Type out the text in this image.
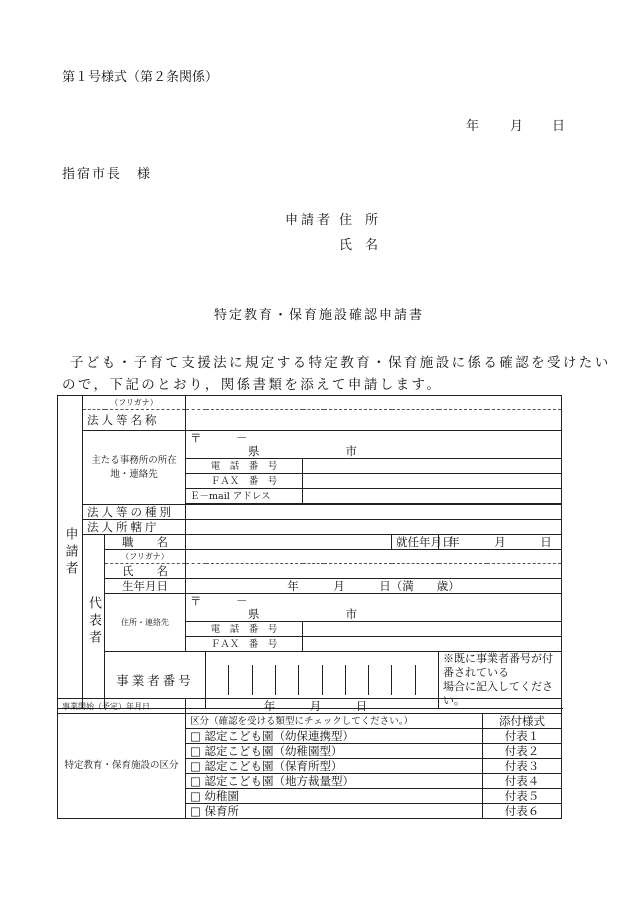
第１号様式（第２条関係）
年 月 日
指宿市長　様
申請者 住　所
氏　名
特定教育・保育施設確認申請書
子ども・子育て支援法に規定する特定教育・保育施設に係る確認を受けたい
ので，下記のとおり，関係書類を添えて申請します。
申請者	（フリガナ）						
	法人等名称						
	主たる事務所の所在地・連絡先		〒　　　－
県 市				

			電　話　番　号				
			ＦＡＸ　番　号				
			Ｅ－mail アドレス				

	法人等の種別						
	法人所轄庁						
	代表者	職　　名				就任年月日	年　　　月　　　日
		（フリガナ）					
		氏　　名					
		生年月日	年　　　月　　　日（満　　歳）				
		住所・連絡先	〒　　　－
県 市				

			電　話　番　号				
			ＦＡＸ　番　号				
		事業者番号					※既に事業者番号が付番されている
場合に記入してください。
事業開始（予定）年月日	年　　　月　　　日	
特定教育・保育施設の区分	区分（確認を受ける類型にチェックしてください。）	添付様式
	□ 認定こども園（幼保連携型）	付表１
	□ 認定こども園（幼稚園型）	付表２
	□ 認定こども園（保育所型）	付表３
	□ 認定こども園（地方裁量型）	付表４
	□ 幼稚園	付表５
	□ 保育所	付表６
